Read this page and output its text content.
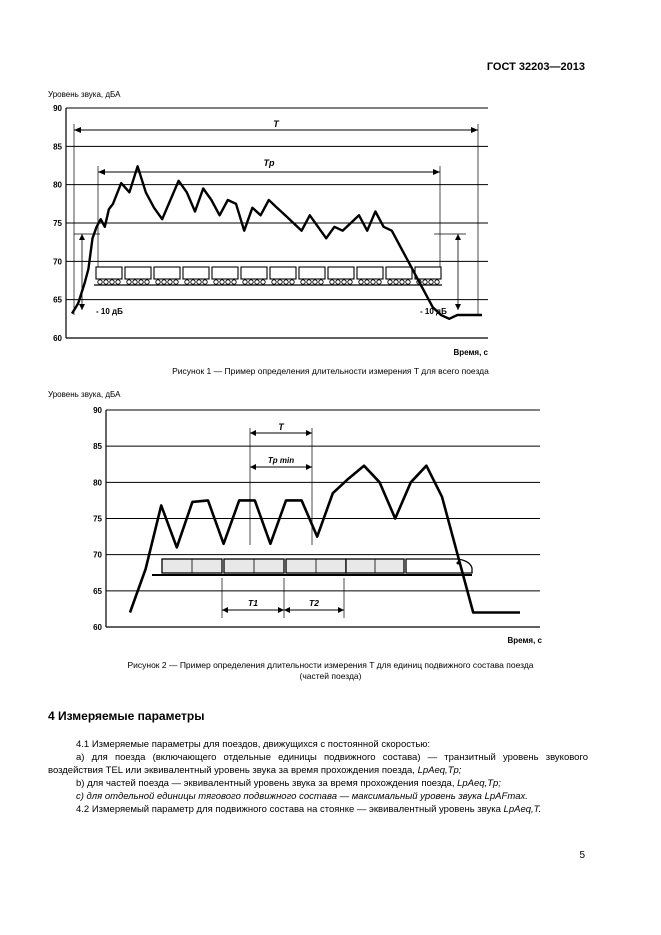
ГОСТ 32203—2013
Уровень звука, дБА
90
85
80
75
70
65
60
T
Tp
- 10 дБ	- 10 дБ
Время, с
Рисунок 1 — Пример определения длительности измерения T для всего поезда
Уровень звука, дБА
90
85
80
75
70
65
60
T
Tp min
T1	T2
Время, с
Рисунок 2 — Пример определения длительности измерения T для единиц подвижного состава поезда
(частей поезда)
4 Измеряемые параметры
4.1 Измеряемые параметры для поездов, движущихся с постоянной скоростью:
а) для поезда (включающего отдельные единицы подвижного состава) — транзитный уровень звукового воздействия TEL или эквивалентный уровень звука за время прохождения поезда, LpAeq,Tp;
b) для частей поезда — эквивалентный уровень звука за время прохождения поезда, LpAeq,Tp;
с) для отдельной единицы тягового подвижного состава — максимальный уровень звука LpAFmax.
4.2 Измеряемый параметр для подвижного состава на стоянке — эквивалентный уровень звука LpAeq,T.
5
